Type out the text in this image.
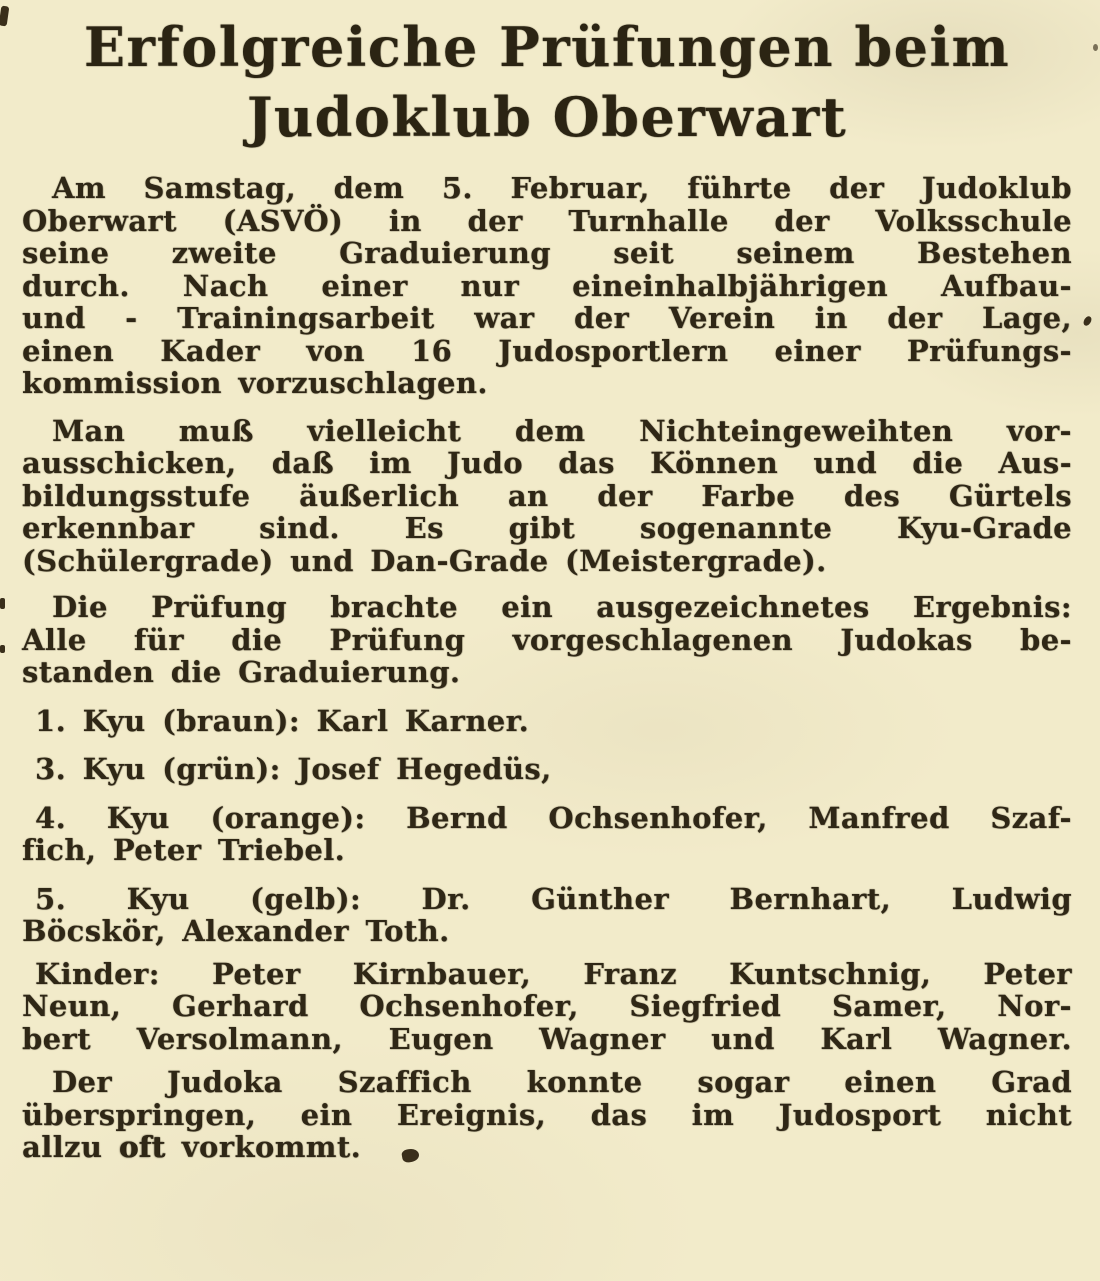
Erfolgreiche Prüfungen beim
Judoklub Oberwart
Am Samstag, dem 5. Februar, führte der Judoklub
Oberwart (ASVÖ) in der Turnhalle der Volksschule
seine zweite Graduierung seit seinem Bestehen
durch. Nach einer nur eineinhalbjährigen Aufbau-
und - Trainingsarbeit war der Verein in der Lage,
einen Kader von 16 Judosportlern einer Prüfungs-
kommission vorzuschlagen.
Man muß vielleicht dem Nichteingeweihten vor-
ausschicken, daß im Judo das Können und die Aus-
bildungsstufe äußerlich an der Farbe des Gürtels
erkennbar sind. Es gibt sogenannte Kyu-Grade
(Schülergrade) und Dan-Grade (Meistergrade).
Die Prüfung brachte ein ausgezeichnetes Ergebnis:
Alle für die Prüfung vorgeschlagenen Judokas be-
standen die Graduierung.
1. Kyu (braun): Karl Karner.
3. Kyu (grün): Josef Hegedüs,
4. Kyu (orange): Bernd Ochsenhofer, Manfred Szaf-
fich, Peter Triebel.
5. Kyu (gelb): Dr. Günther Bernhart, Ludwig
Böcskör, Alexander Toth.
Kinder: Peter Kirnbauer, Franz Kuntschnig, Peter
Neun, Gerhard Ochsenhofer, Siegfried Samer, Nor-
bert Versolmann, Eugen Wagner und Karl Wagner.
Der Judoka Szaffich konnte sogar einen Grad
überspringen, ein Ereignis, das im Judosport nicht
allzu oft vorkommt.
